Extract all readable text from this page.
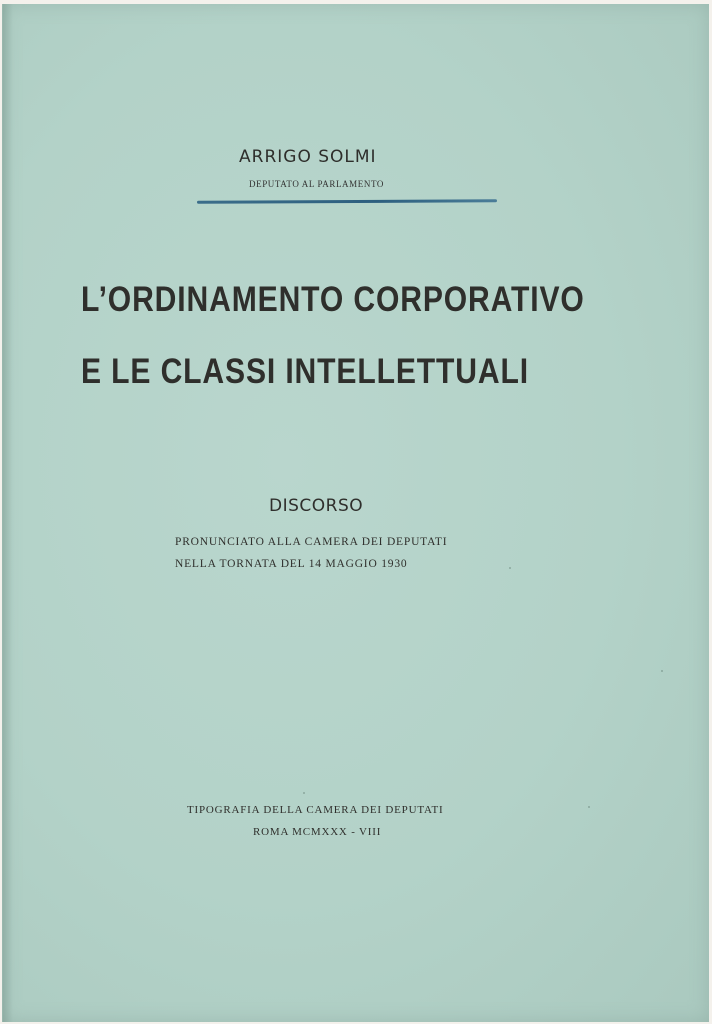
ARRIGO SOLMI

DEPUTATO AL PARLAMENTO

L’ORDINAMENTO CORPORATIVO
E LE CLASSI INTELLETTUALI

DISCORSO

PRONUNCIATO ALLA CAMERA DEI DEPUTATI

NELLA TORNATA DEL 14 MAGGIO 1930

TIPOGRAFIA DELLA CAMERA DEI DEPUTATI

ROMA MCMXXX - VIII
